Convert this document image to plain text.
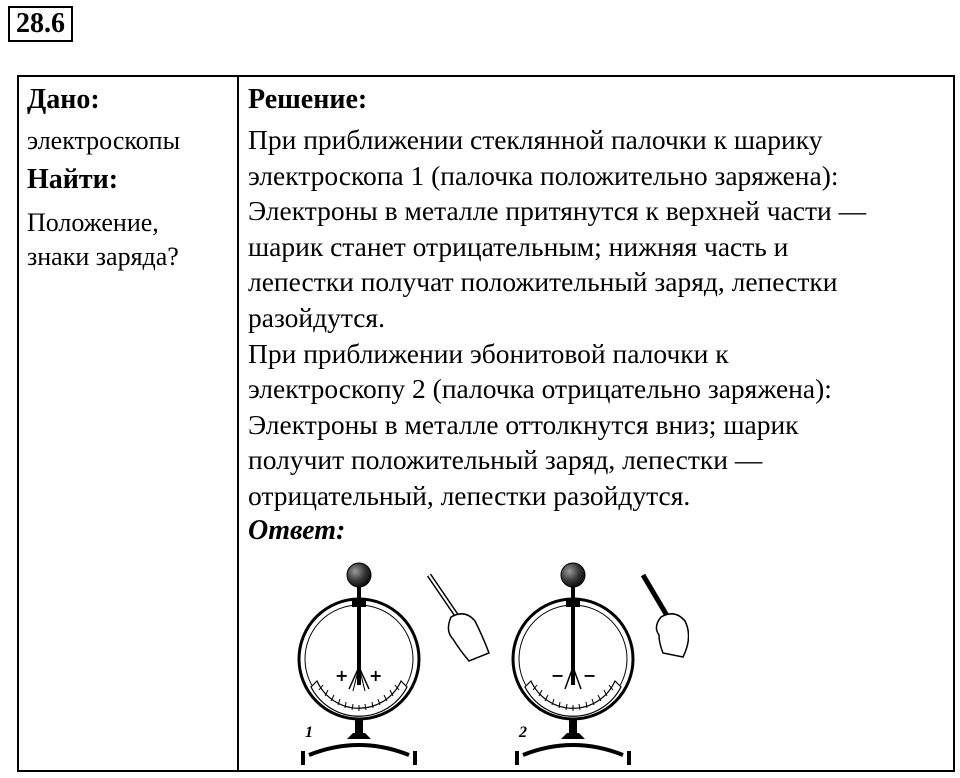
28.6
Дано:
электроскопы
Найти:
Положение,
знаки заряда?
Решение:
При приближении стеклянной палочки к шарику
электроскопа 1 (палочка положительно заряжена):
Электроны в металле притянутся к верхней части —
шарик станет отрицательным; нижняя часть и
лепестки получат положительный заряд, лепестки
разойдутся.
При приближении эбонитовой палочки к
электроскопу 2 (палочка отрицательно заряжена):
Электроны в металле оттолкнутся вниз; шарик
получит положительный заряд, лепестки —
отрицательный, лепестки разойдутся.
Ответ:
+ +
1
− −
2
